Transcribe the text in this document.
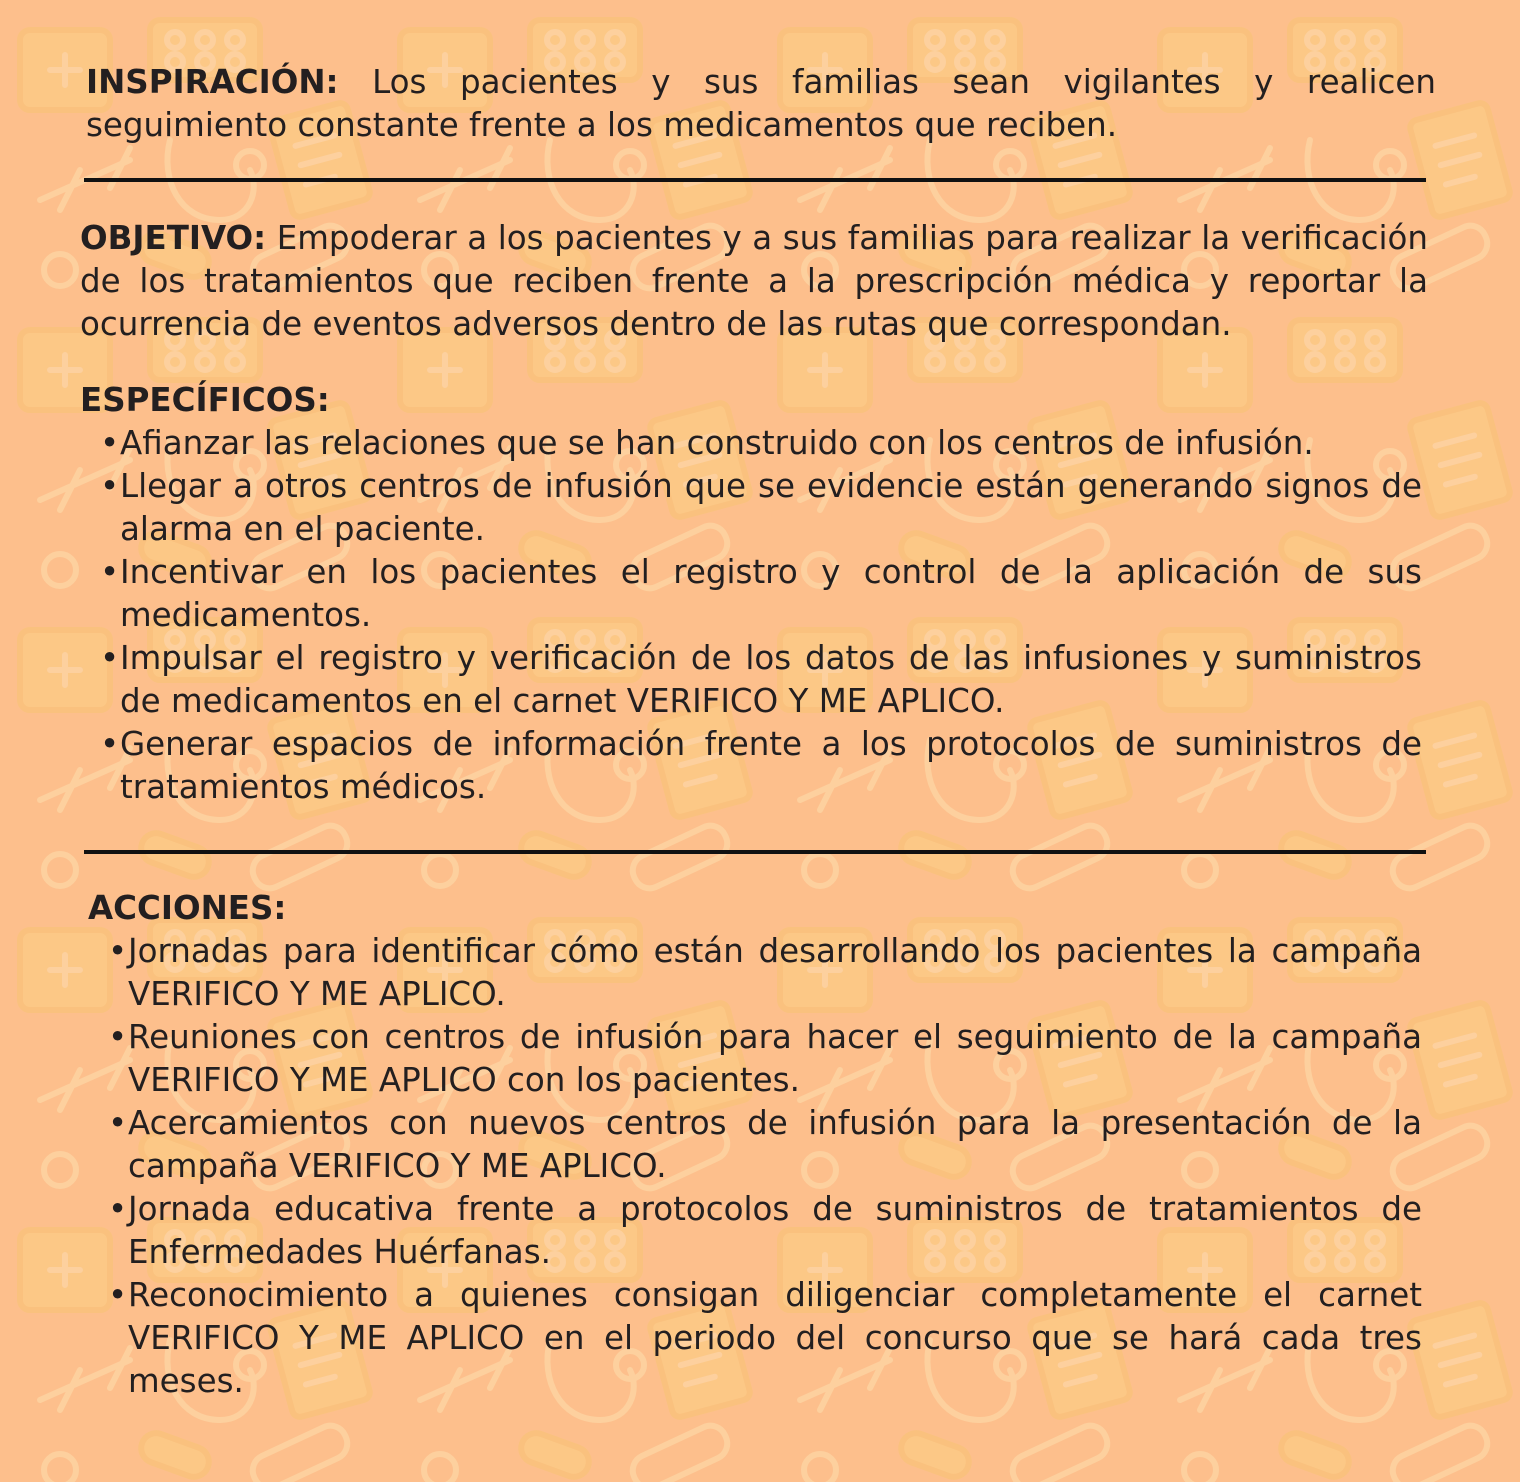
INSPIRACIÓN: Los pacientes y sus familias sean vigilantes y realicen seguimiento constante frente a los medicamentos que reciben.

OBJETIVO: Empoderar a los pacientes y a sus familias para realizar la verificación de los tratamientos que reciben frente a la prescripción médica y reportar la ocurrencia de eventos adversos dentro de las rutas que correspondan.

ESPECÍFICOS:

• Afianzar las relaciones que se han construido con los centros de infusión.
• Llegar a otros centros de infusión que se evidencie están generando signos de alarma en el paciente.
• Incentivar en los pacientes el registro y control de la aplicación de sus medicamentos.
• Impulsar el registro y verificación de los datos de las infusiones y suministros de medicamentos en el carnet VERIFICO Y ME APLICO.
• Generar espacios de información frente a los protocolos de suministros de tratamientos médicos.

ACCIONES:

• Jornadas para identificar cómo están desarrollando los pacientes la campaña VERIFICO Y ME APLICO.
• Reuniones con centros de infusión para hacer el seguimiento de la campaña VERIFICO Y ME APLICO con los pacientes.
• Acercamientos con nuevos centros de infusión para la presentación de la campaña VERIFICO Y ME APLICO.
• Jornada educativa frente a protocolos de suministros de tratamientos de Enfermedades Huérfanas.
• Reconocimiento a quienes consigan diligenciar completamente el carnet VERIFICO Y ME APLICO en el periodo del concurso que se hará cada tres meses.
